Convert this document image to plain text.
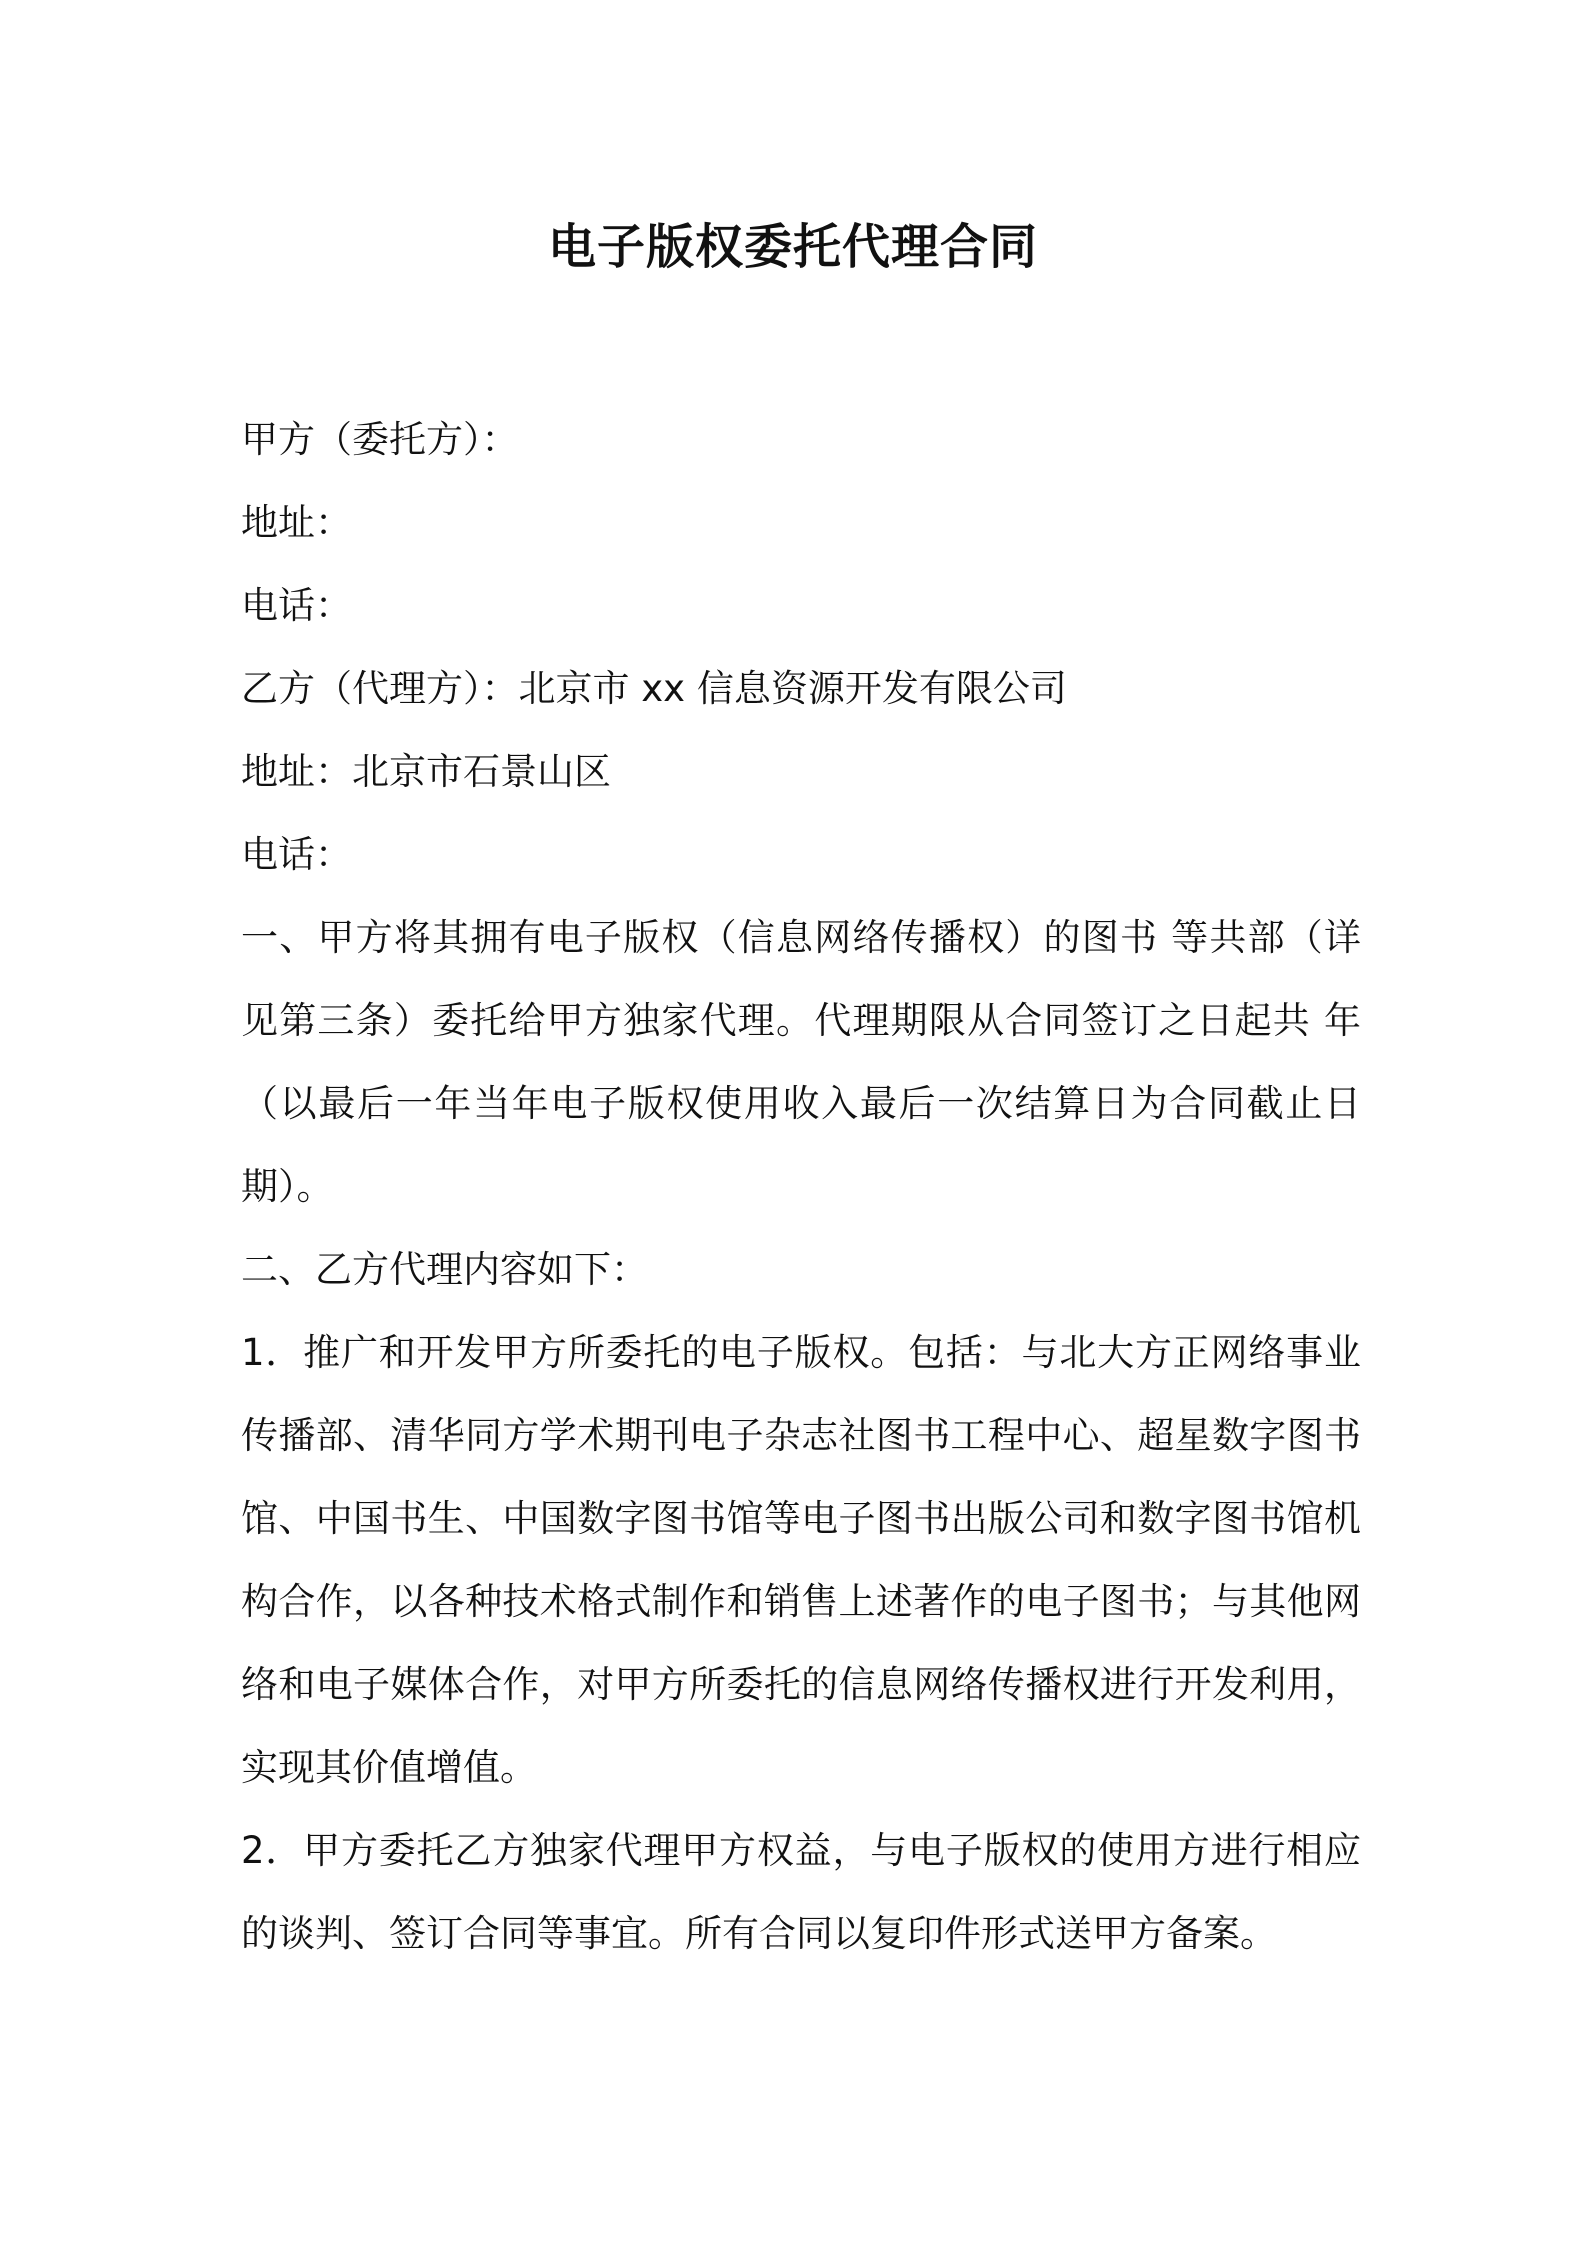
电子版权委托代理合同

甲方（委托方）：

地址：

电话：

乙方（代理方）：北京市 xx 信息资源开发有限公司

地址：北京市石景山区

电话：

一、甲方将其拥有电子版权（信息网络传播权）的图书 等共部（详见第三条）委托给甲方独家代理。代理期限从合同签订之日起共 年（以最后一年当年电子版权使用收入最后一次结算日为合同截止日期）。

二、乙方代理内容如下：

1．推广和开发甲方所委托的电子版权。包括：与北大方正网络事业传播部、清华同方学术期刊电子杂志社图书工程中心、超星数字图书馆、中国书生、中国数字图书馆等电子图书出版公司和数字图书馆机构合作，以各种技术格式制作和销售上述著作的电子图书；与其他网络和电子媒体合作，对甲方所委托的信息网络传播权进行开发利用，实现其价值增值。

2．甲方委托乙方独家代理甲方权益，与电子版权的使用方进行相应的谈判、签订合同等事宜。所有合同以复印件形式送甲方备案。
